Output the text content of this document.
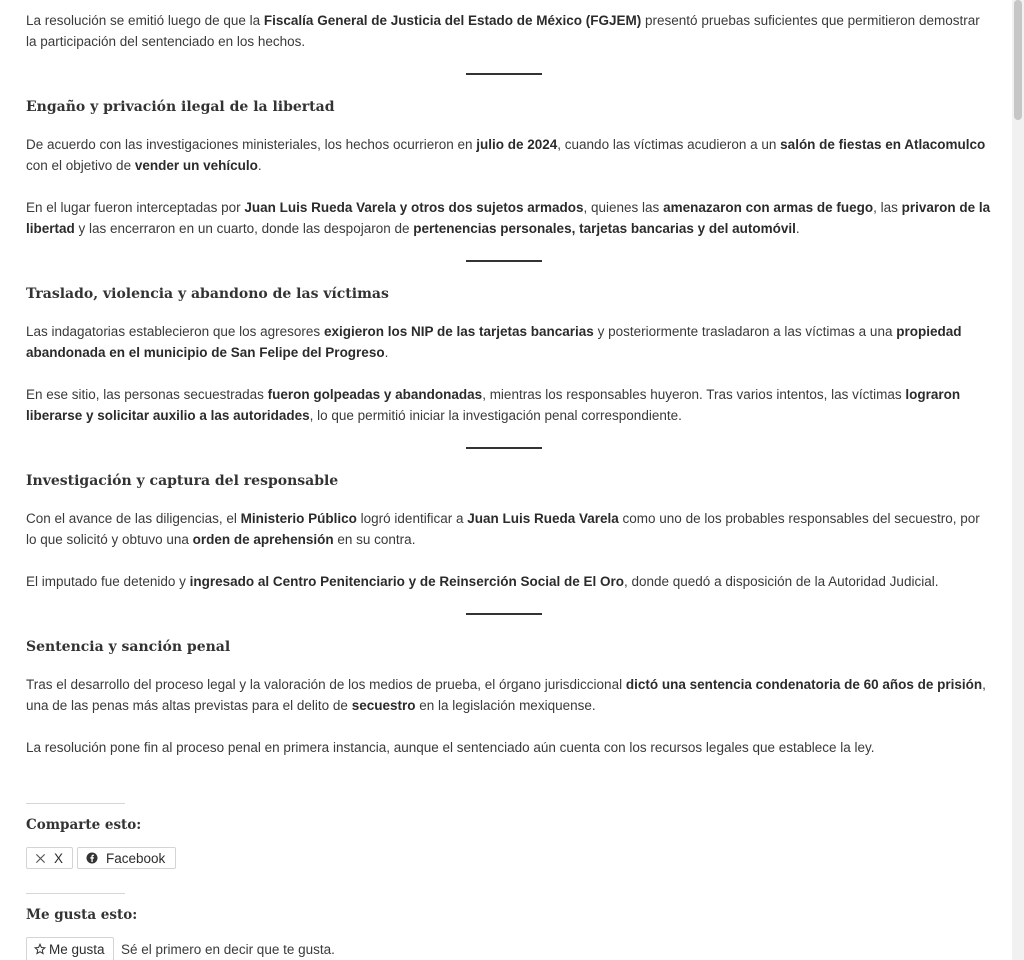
La resolución se emitió luego de que la Fiscalía General de Justicia del Estado de México (FGJEM) presentó pruebas suficientes que permitieron demostrar la participación del sentenciado en los hechos.

Engaño y privación ilegal de la libertad

De acuerdo con las investigaciones ministeriales, los hechos ocurrieron en julio de 2024, cuando las víctimas acudieron a un salón de fiestas en Atlacomulco con el objetivo de vender un vehículo.

En el lugar fueron interceptadas por Juan Luis Rueda Varela y otros dos sujetos armados, quienes las amenazaron con armas de fuego, las privaron de la libertad y las encerraron en un cuarto, donde las despojaron de pertenencias personales, tarjetas bancarias y del automóvil.

Traslado, violencia y abandono de las víctimas

Las indagatorias establecieron que los agresores exigieron los NIP de las tarjetas bancarias y posteriormente trasladaron a las víctimas a una propiedad abandonada en el municipio de San Felipe del Progreso.

En ese sitio, las personas secuestradas fueron golpeadas y abandonadas, mientras los responsables huyeron. Tras varios intentos, las víctimas lograron liberarse y solicitar auxilio a las autoridades, lo que permitió iniciar la investigación penal correspondiente.

Investigación y captura del responsable

Con el avance de las diligencias, el Ministerio Público logró identificar a Juan Luis Rueda Varela como uno de los probables responsables del secuestro, por lo que solicitó y obtuvo una orden de aprehensión en su contra.

El imputado fue detenido y ingresado al Centro Penitenciario y de Reinserción Social de El Oro, donde quedó a disposición de la Autoridad Judicial.

Sentencia y sanción penal

Tras el desarrollo del proceso legal y la valoración de los medios de prueba, el órgano jurisdiccional dictó una sentencia condenatoria de 60 años de prisión, una de las penas más altas previstas para el delito de secuestro en la legislación mexiquense.

La resolución pone fin al proceso penal en primera instancia, aunque el sentenciado aún cuenta con los recursos legales que establece la ley.

Comparte esto:
X	Facebook
Me gusta esto:
Me gusta Sé el primero en decir que te gusta.
